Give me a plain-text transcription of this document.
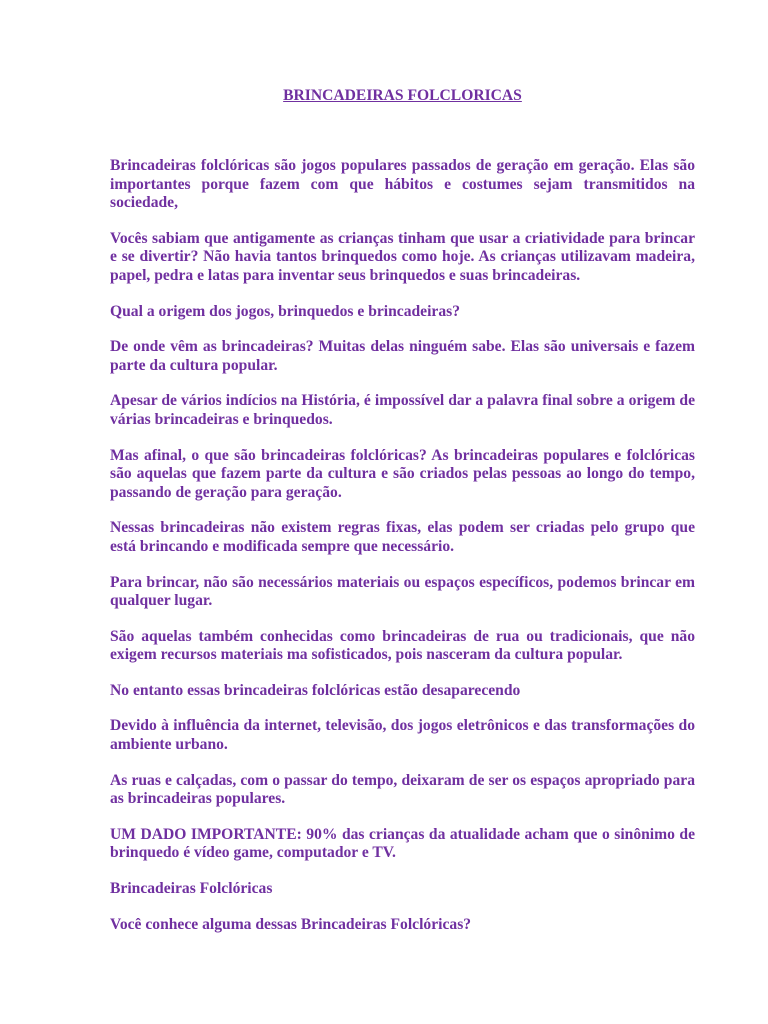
BRINCADEIRAS FOLCLORICAS

Brincadeiras folclóricas são jogos populares passados de geração em geração. Elas são importantes porque fazem com que hábitos e costumes sejam transmitidos na sociedade,

Vocês sabiam que antigamente as crianças tinham que usar a criatividade para brincar e se divertir? Não havia tantos brinquedos como hoje. As crianças utilizavam madeira, papel, pedra e latas para inventar seus brinquedos e suas brincadeiras.

Qual a origem dos jogos, brinquedos e brincadeiras?

De onde vêm as brincadeiras? Muitas delas ninguém sabe. Elas são universais e fazem parte da cultura popular.

Apesar de vários indícios na História, é impossível dar a palavra final sobre a origem de várias brincadeiras e brinquedos.

Mas afinal, o que são brincadeiras folclóricas? As brincadeiras populares e folclóricas são aquelas que fazem parte da cultura e são criados pelas pessoas ao longo do tempo, passando de geração para geração.

Nessas brincadeiras não existem regras fixas, elas podem ser criadas pelo grupo que está brincando e modificada sempre que necessário.

Para brincar, não são necessários materiais ou espaços específicos, podemos brincar em qualquer lugar.

São aquelas também conhecidas como brincadeiras de rua ou tradicionais, que não exigem recursos materiais ma sofisticados, pois nasceram da cultura popular.

No entanto essas brincadeiras folclóricas estão desaparecendo

Devido à influência da internet, televisão, dos jogos eletrônicos e das transformações do ambiente urbano.

As ruas e calçadas, com o passar do tempo, deixaram de ser os espaços apropriado para as brincadeiras populares.

UM DADO IMPORTANTE: 90% das crianças da atualidade acham que o sinônimo de brinquedo é vídeo game, computador e TV.

Brincadeiras Folclóricas

Você conhece alguma dessas Brincadeiras Folclóricas?
